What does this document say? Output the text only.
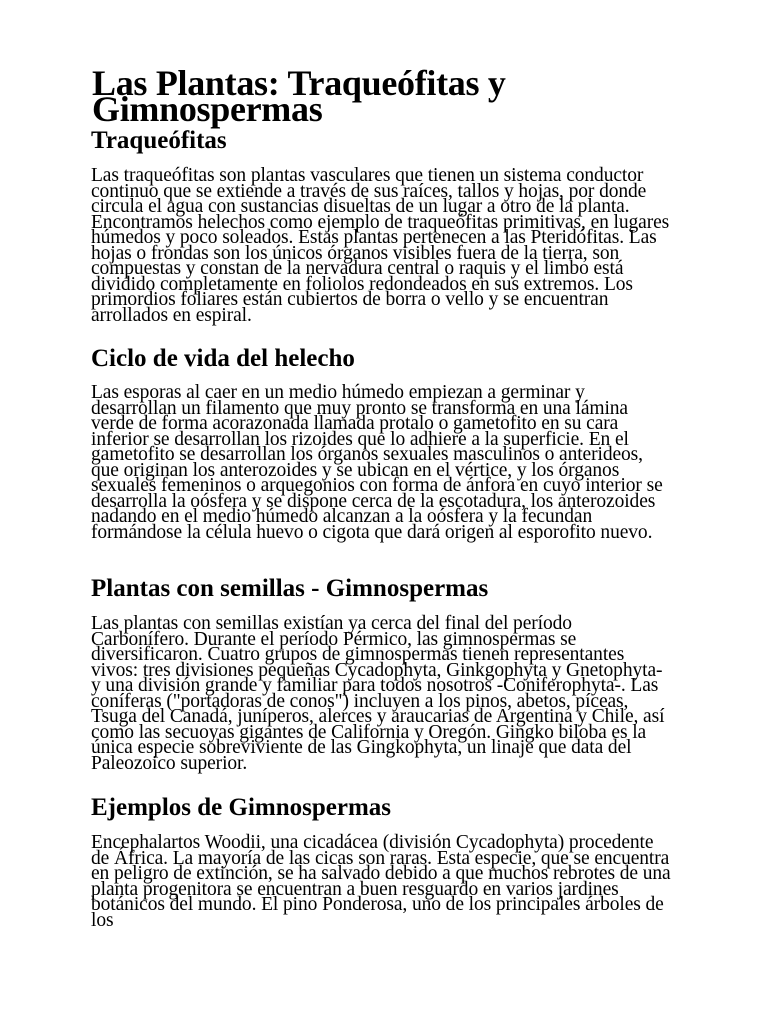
Las Plantas: Traqueófitas y Gimnospermas
Traqueófitas

Las traqueófitas son plantas vasculares que tienen un sistema conductor continuo que se extiende a través de sus raíces, tallos y hojas, por donde circula el agua con sustancias disueltas de un lugar a otro de la planta. Encontramos helechos como ejemplo de traqueófitas primitivas, en lugares húmedos y poco soleados. Estas plantas pertenecen a las Pteridófitas. Las hojas o frondas son los únicos órganos visibles fuera de la tierra, son compuestas y constan de la nervadura central o raquis y el limbo está dividido completamente en foliolos redondeados en sus extremos. Los primordios foliares están cubiertos de borra o vello y se encuentran arrollados en espiral.

Ciclo de vida del helecho

Las esporas al caer en un medio húmedo empiezan a germinar y desarrollan un filamento que muy pronto se transforma en una lámina verde de forma acorazonada llamada protalo o gametofito en su cara inferior se desarrollan los rizoides que lo adhiere a la superficie. En el gametofito se desarrollan los órganos sexuales masculinos o anterideos, que originan los anterozoides y se ubican en el vértice, y los órganos sexuales femeninos o arquegonios con forma de ánfora en cuyo interior se desarrolla la oósfera y se dispone cerca de la escotadura, los anterozoides nadando en el medio húmedo alcanzan a la oósfera y la fecundan formándose la célula huevo o cigota que dará origen al esporofito nuevo.

Plantas con semillas - Gimnospermas

Las plantas con semillas existían ya cerca del final del período Carbonífero. Durante el período Pérmico, las gimnospermas se diversificaron. Cuatro grupos de gimnospermas tienen representantes vivos: tres divisiones pequeñas Cycadophyta, Ginkgophyta y Gnetophyta- y una división grande y familiar para todos nosotros -Coniferophyta-. Las coníferas ("portadoras de conos") incluyen a los pinos, abetos, píceas, Tsuga del Canadá, juníperos, alerces y araucarias de Argentina y Chile, así como las secuoyas gigantes de California y Oregón. Gingko biloba es la única especie sobreviviente de las Gingkophyta, un linaje que data del Paleozoico superior.

Ejemplos de Gimnospermas

Encephalartos Woodii, una cicadácea (división Cycadophyta) procedente de África. La mayoría de las cicas son raras. Esta especie, que se encuentra en peligro de extinción, se ha salvado debido a que muchos rebrotes de una planta progenitora se encuentran a buen resguardo en varios jardines botánicos del mundo. El pino Ponderosa, uno de los principales árboles de los
